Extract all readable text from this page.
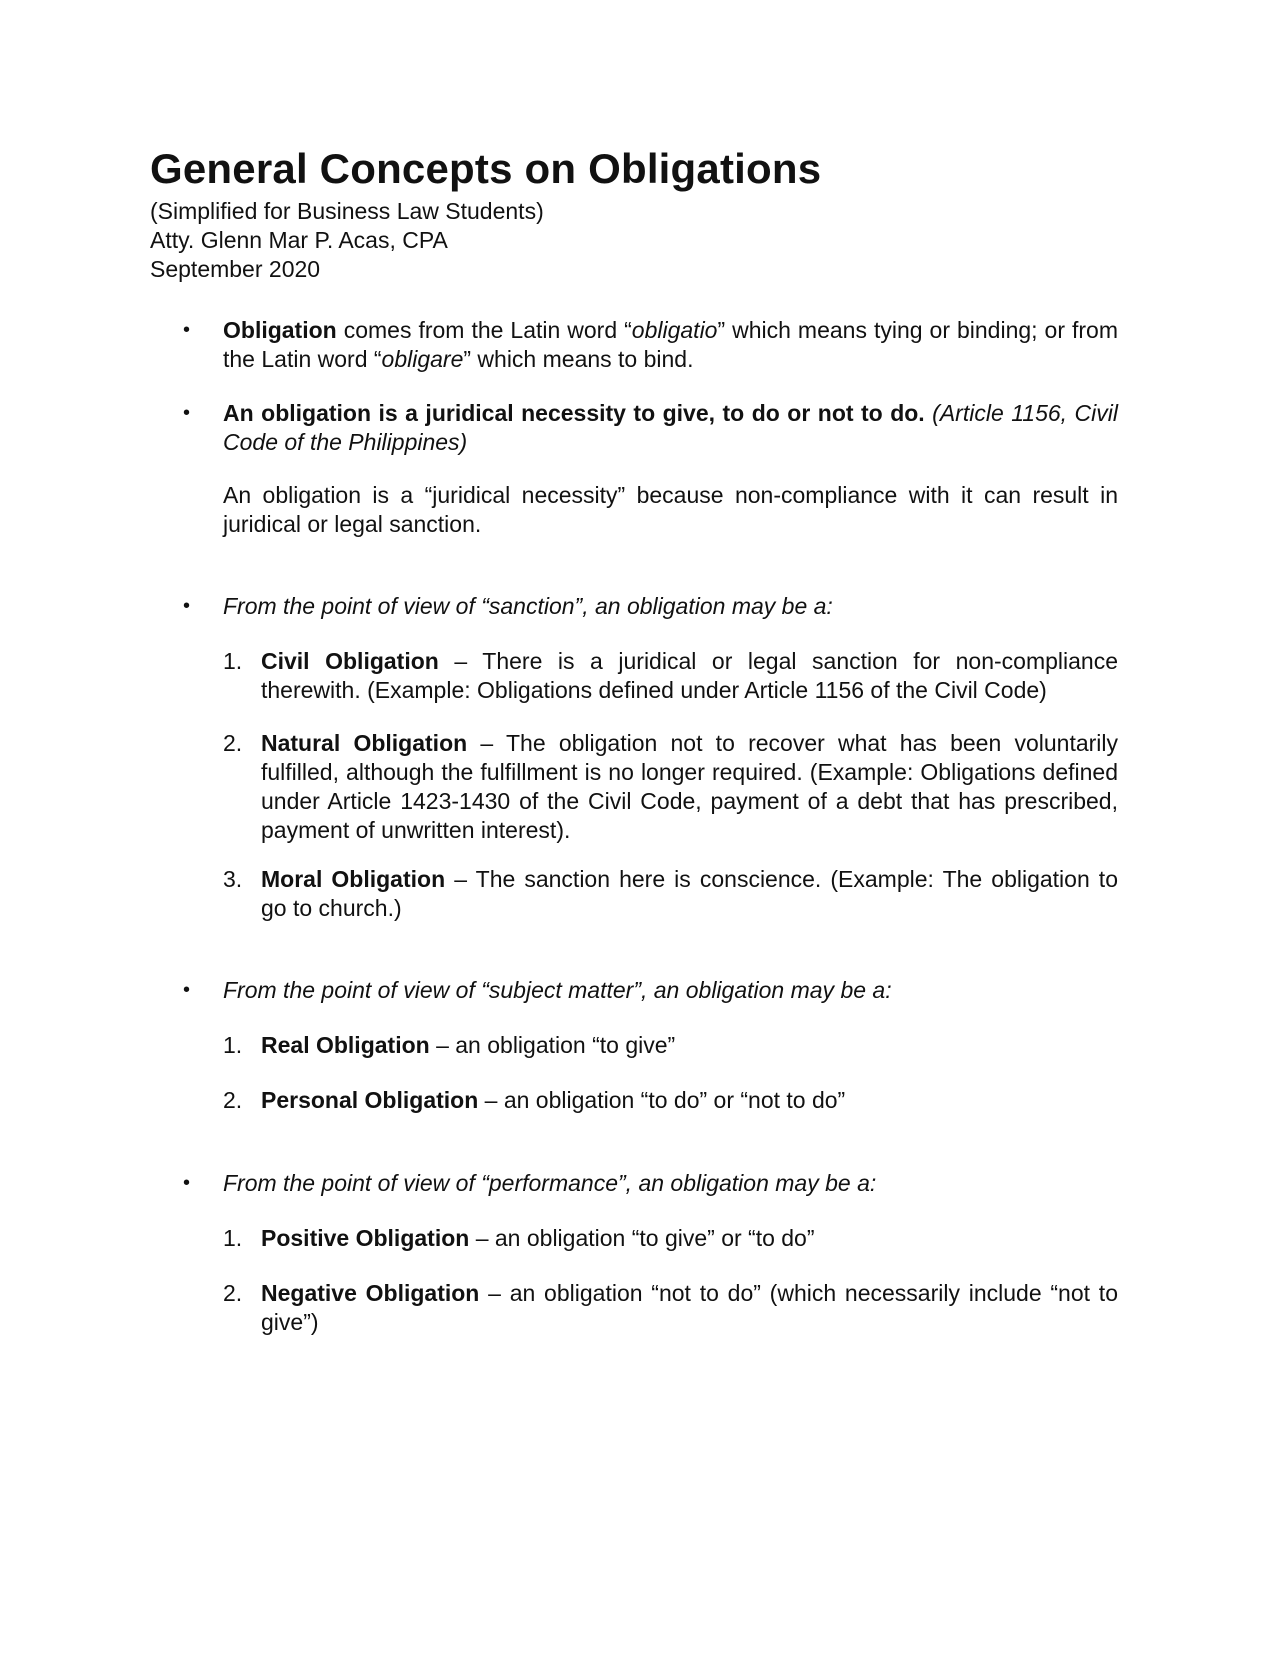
General Concepts on Obligations
(Simplified for Business Law Students)
Atty. Glenn Mar P. Acas, CPA
September 2020
• Obligation comes from the Latin word “obligatio” which means tying or binding; or from the Latin word “obligare” which means to bind.

• An obligation is a juridical necessity to give, to do or not to do. (Article 1156, Civil Code of the Philippines)

An obligation is a “juridical necessity” because non-compliance with it can result in juridical or legal sanction.

• From the point of view of “sanction”, an obligation may be a:

1. Civil Obligation – There is a juridical or legal sanction for non-compliance therewith. (Example: Obligations defined under Article 1156 of the Civil Code)

2. Natural Obligation – The obligation not to recover what has been voluntarily fulfilled, although the fulfillment is no longer required. (Example: Obligations defined under Article 1423-1430 of the Civil Code, payment of a debt that has prescribed, payment of unwritten interest).

3. Moral Obligation – The sanction here is conscience. (Example: The obligation to go to church.)

• From the point of view of “subject matter”, an obligation may be a:

1. Real Obligation – an obligation “to give”

2. Personal Obligation – an obligation “to do” or “not to do”

• From the point of view of “performance”, an obligation may be a:

1. Positive Obligation – an obligation “to give” or “to do”

2. Negative Obligation – an obligation “not to do” (which necessarily include “not to give”)
